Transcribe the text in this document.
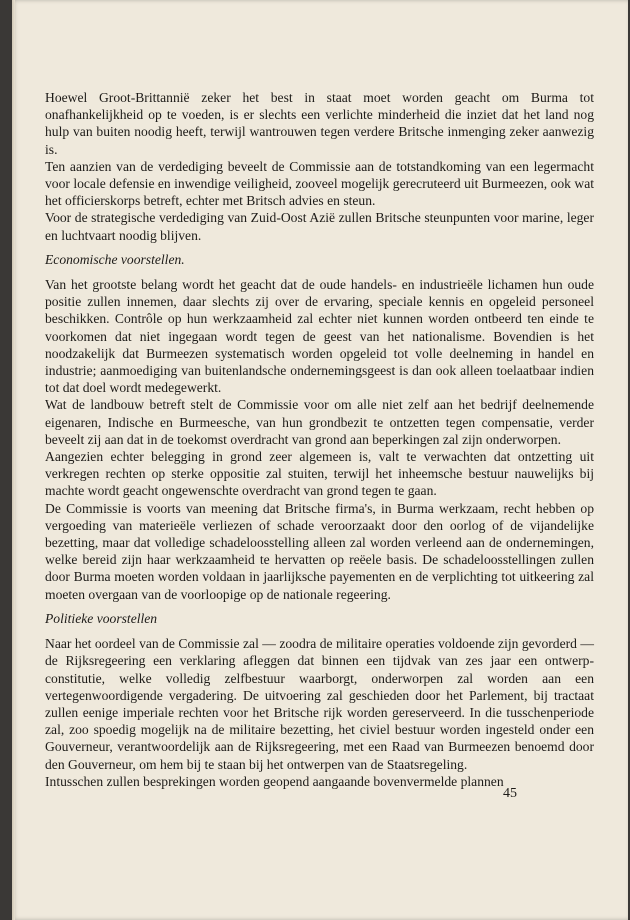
Hoewel Groot-Brittannië zeker het best in staat moet worden geacht om Burma tot onafhankelijkheid op te voeden, is er slechts een verlichte minderheid die inziet dat het land nog hulp van buiten noodig heeft, terwijl wantrouwen tegen verdere Britsche inmenging zeker aanwezig is.

Ten aanzien van de verdediging beveelt de Commissie aan de totstandkoming van een legermacht voor locale defensie en inwendige veiligheid, zooveel mogelijk gerecruteerd uit Burmeezen, ook wat het officierskorps betreft, echter met Britsch advies en steun.

Voor de strategische verdediging van Zuid-Oost Azië zullen Britsche steunpunten voor marine, leger en luchtvaart noodig blijven.

Economische voorstellen.

Van het grootste belang wordt het geacht dat de oude handels- en industrieële lichamen hun oude positie zullen innemen, daar slechts zij over de ervaring, speciale kennis en opgeleid personeel beschikken. Contrôle op hun werkzaamheid zal echter niet kunnen worden ontbeerd ten einde te voorkomen dat niet ingegaan wordt tegen de geest van het nationalisme. Bovendien is het noodzakelijk dat Burmeezen systematisch worden opgeleid tot volle deelneming in handel en industrie; aanmoediging van buitenlandsche ondernemingsgeest is dan ook alleen toelaatbaar indien tot dat doel wordt medegewerkt.

Wat de landbouw betreft stelt de Commissie voor om alle niet zelf aan het bedrijf deelnemende eigenaren, Indische en Burmeesche, van hun grondbezit te ontzetten tegen compensatie, verder beveelt zij aan dat in de toekomst overdracht van grond aan beperkingen zal zijn onderworpen.

Aangezien echter belegging in grond zeer algemeen is, valt te verwachten dat ontzetting uit verkregen rechten op sterke oppositie zal stuiten, terwijl het inheemsche bestuur nauwelijks bij machte wordt geacht ongewenschte overdracht van grond tegen te gaan.

De Commissie is voorts van meening dat Britsche firma's, in Burma werkzaam, recht hebben op vergoeding van materieële verliezen of schade veroorzaakt door den oorlog of de vijandelijke bezetting, maar dat volledige schadeloosstelling alleen zal worden verleend aan de ondernemingen, welke bereid zijn haar werkzaamheid te hervatten op reëele basis. De schadeloosstellingen zullen door Burma moeten worden voldaan in jaarlijksche payementen en de verplichting tot uitkeering zal moeten overgaan van de voorloopige op de nationale regeering.

Politieke voorstellen

Naar het oordeel van de Commissie zal — zoodra de militaire operaties voldoende zijn gevorderd — de Rijksregeering een verklaring afleggen dat binnen een tijdvak van zes jaar een ontwerp-constitutie, welke volledig zelfbestuur waarborgt, onderworpen zal worden aan een vertegenwoordigende vergadering. De uitvoering zal geschieden door het Parlement, bij tractaat zullen eenige imperiale rechten voor het Britsche rijk worden gereserveerd. In die tusschenperiode zal, zoo spoedig mogelijk na de militaire bezetting, het civiel bestuur worden ingesteld onder een Gouverneur, verantwoordelijk aan de Rijksregeering, met een Raad van Burmeezen benoemd door den Gouverneur, om hem bij te staan bij het ontwerpen van de Staatsregeling.

Intusschen zullen besprekingen worden geopend aangaande bovenvermelde plannen

45
